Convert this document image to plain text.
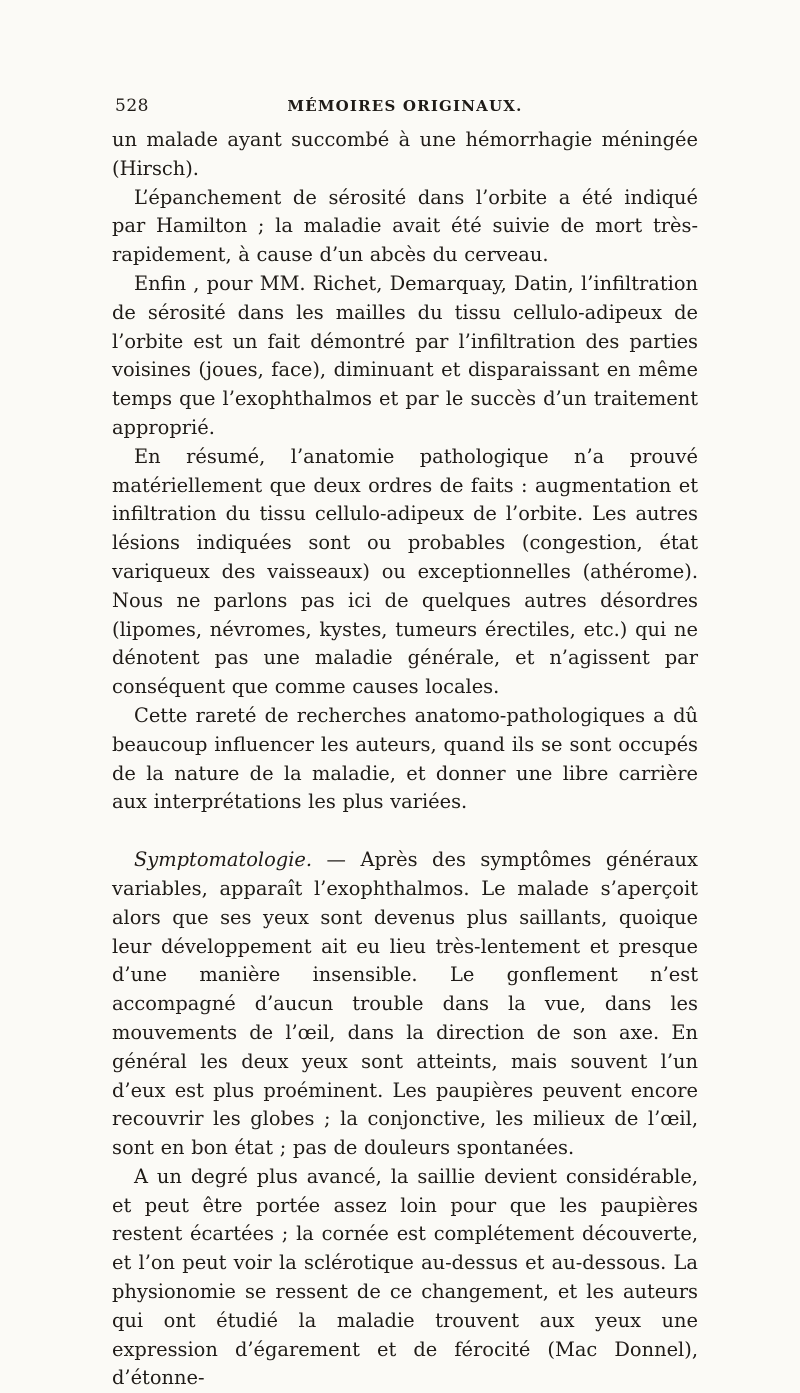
528	MÉMOIRES ORIGINAUX.

un malade ayant succombé à une hémorrhagie méningée (Hirsch).

L’épanchement de sérosité dans l’orbite a été indiqué par Hamilton ; la maladie avait été suivie de mort très-rapidement, à cause d’un abcès du cerveau.

Enfin , pour MM. Richet, Demarquay, Datin, l’infiltration de sérosité dans les mailles du tissu cellulo-adipeux de l’orbite est un fait démontré par l’infiltration des parties voisines (joues, face), diminuant et disparaissant en même temps que l’exophthalmos et par le succès d’un traitement approprié.

En résumé, l’anatomie pathologique n’a prouvé matériellement que deux ordres de faits : augmentation et infiltration du tissu cellulo-adipeux de l’orbite. Les autres lésions indiquées sont ou probables (congestion, état variqueux des vaisseaux) ou exceptionnelles (athérome). Nous ne parlons pas ici de quelques autres désordres (lipomes, névromes, kystes, tumeurs érectiles, etc.) qui ne dénotent pas une maladie générale, et n’agissent par conséquent que comme causes locales.

Cette rareté de recherches anatomo-pathologiques a dû beaucoup influencer les auteurs, quand ils se sont occupés de la nature de la maladie, et donner une libre carrière aux interprétations les plus variées.

Symptomatologie. — Après des symptômes généraux variables, apparaît l’exophthalmos. Le malade s’aperçoit alors que ses yeux sont devenus plus saillants, quoique leur développement ait eu lieu très-lentement et presque d’une manière insensible. Le gonflement n’est accompagné d’aucun trouble dans la vue, dans les mouvements de l’œil, dans la direction de son axe. En général les deux yeux sont atteints, mais souvent l’un d’eux est plus proéminent. Les paupières peuvent encore recouvrir les globes ; la conjonctive, les milieux de l’œil, sont en bon état ; pas de douleurs spontanées.

A un degré plus avancé, la saillie devient considérable, et peut être portée assez loin pour que les paupières restent écartées ; la cornée est complétement découverte, et l’on peut voir la sclérotique au-dessus et au-dessous. La physionomie se ressent de ce changement, et les auteurs qui ont étudié la maladie trouvent aux yeux une expression d’égarement et de férocité (Mac Donnel), d’étonne-
